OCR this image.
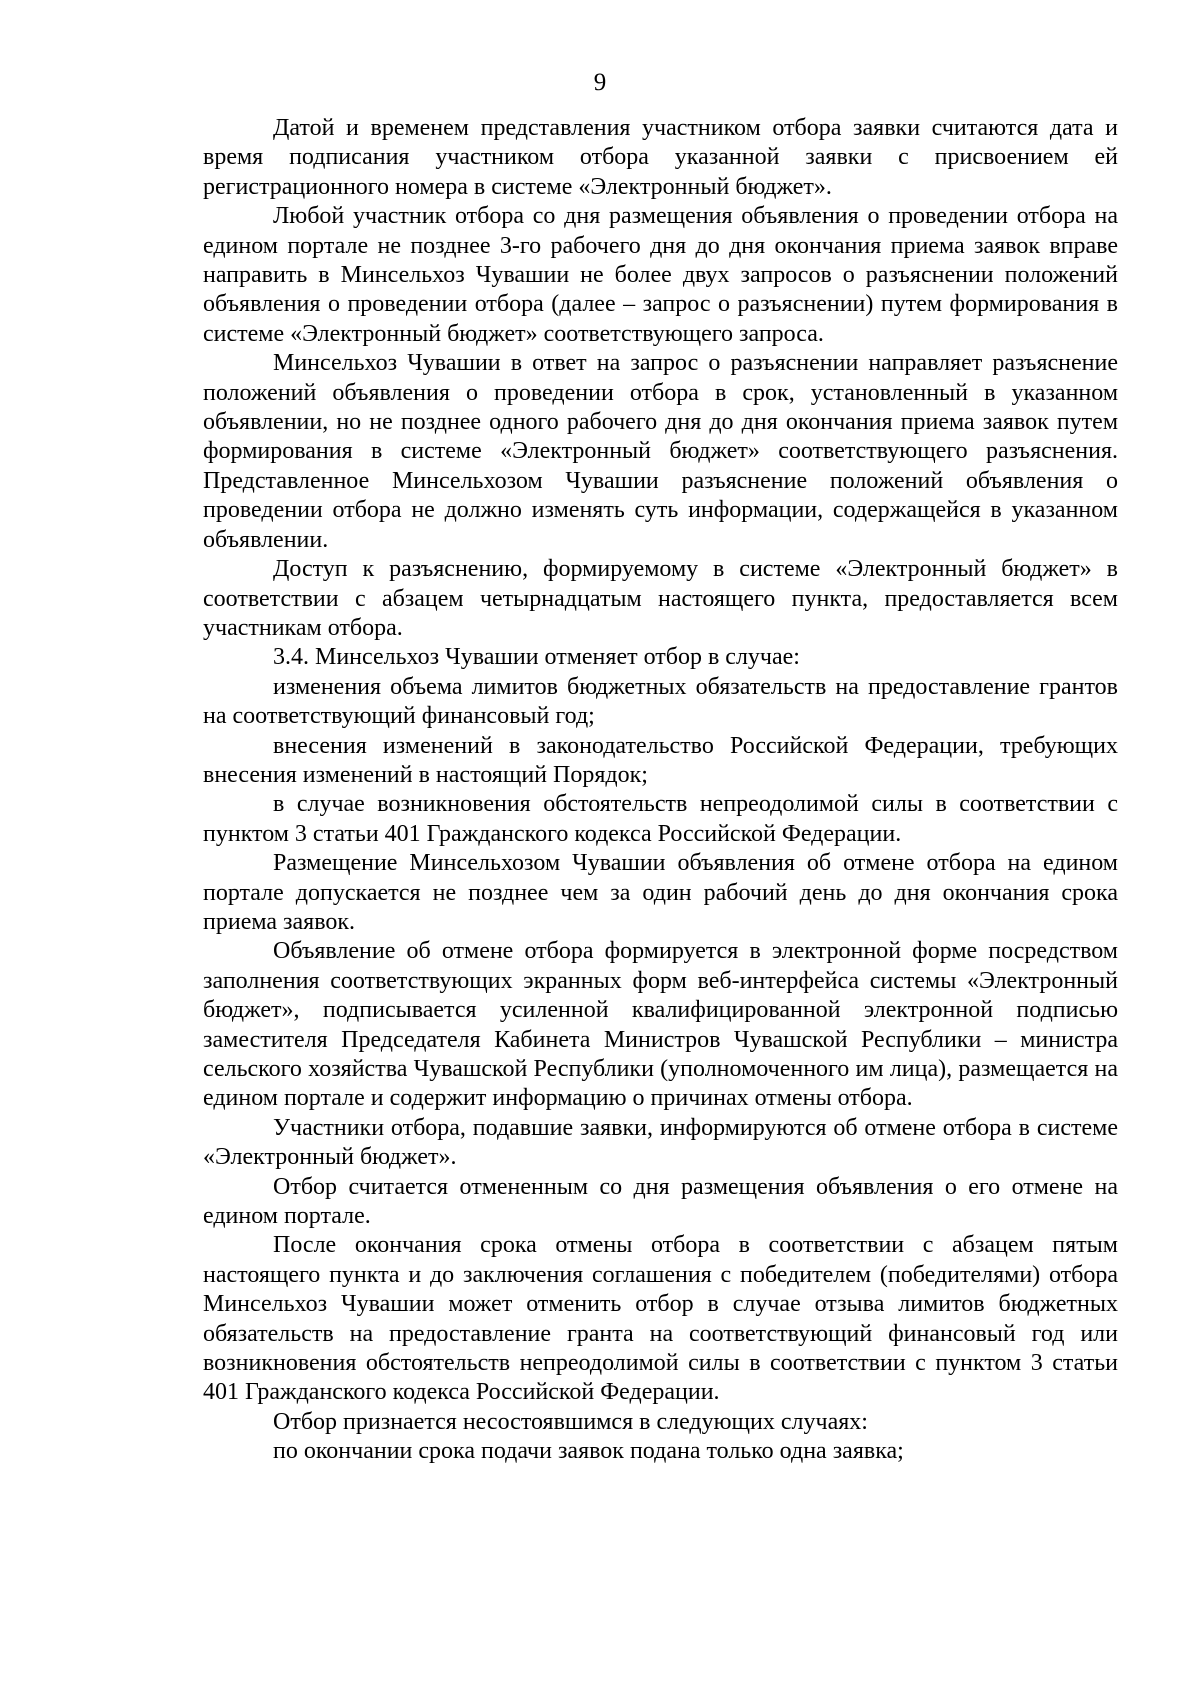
9

Датой и временем представления участником отбора заявки считаются дата и время подписания участником отбора указанной заявки с присвоением ей регистрационного номера в системе «Электронный бюджет».

Любой участник отбора со дня размещения объявления о проведении отбора на едином портале не позднее 3-го рабочего дня до дня окончания приема заявок вправе направить в Минсельхоз Чувашии не более двух запросов о разъяснении положений объявления о проведении отбора (далее – запрос о разъяснении) путем формирования в системе «Электронный бюджет» соответствующего запроса.

Минсельхоз Чувашии в ответ на запрос о разъяснении направляет разъяснение положений объявления о проведении отбора в срок, установленный в указанном объявлении, но не позднее одного рабочего дня до дня окончания приема заявок путем формирования в системе «Электронный бюджет» соответствующего разъяснения. Представленное Минсельхозом Чувашии разъяснение положений объявления о проведении отбора не должно изменять суть информации, содержащейся в указанном объявлении.

Доступ к разъяснению, формируемому в системе «Электронный бюджет» в соответствии с абзацем четырнадцатым настоящего пункта, предоставляется всем участникам отбора.

3.4. Минсельхоз Чувашии отменяет отбор в случае:

изменения объема лимитов бюджетных обязательств на предоставление грантов на соответствующий финансовый год;

внесения изменений в законодательство Российской Федерации, требующих внесения изменений в настоящий Порядок;

в случае возникновения обстоятельств непреодолимой силы в соответствии с пунктом 3 статьи 401 Гражданского кодекса Российской Федерации.

Размещение Минсельхозом Чувашии объявления об отмене отбора на едином портале допускается не позднее чем за один рабочий день до дня окончания срока приема заявок.

Объявление об отмене отбора формируется в электронной форме посредством заполнения соответствующих экранных форм веб-интерфейса системы «Электронный бюджет», подписывается усиленной квалифицированной электронной подписью заместителя Председателя Кабинета Министров Чувашской Республики – министра сельского хозяйства Чувашской Республики (уполномоченного им лица), размещается на едином портале и содержит информацию о причинах отмены отбора.

Участники отбора, подавшие заявки, информируются об отмене отбора в системе «Электронный бюджет».

Отбор считается отмененным со дня размещения объявления о его отмене на едином портале.

После окончания срока отмены отбора в соответствии с абзацем пятым настоящего пункта и до заключения соглашения с победителем (победителями) отбора Минсельхоз Чувашии может отменить отбор в случае отзыва лимитов бюджетных обязательств на предоставление гранта на соответствующий финансовый год или возникновения обстоятельств непреодолимой силы в соответствии с пунктом 3 статьи 401 Гражданского кодекса Российской Федерации.

Отбор признается несостоявшимся в следующих случаях:

по окончании срока подачи заявок подана только одна заявка;
